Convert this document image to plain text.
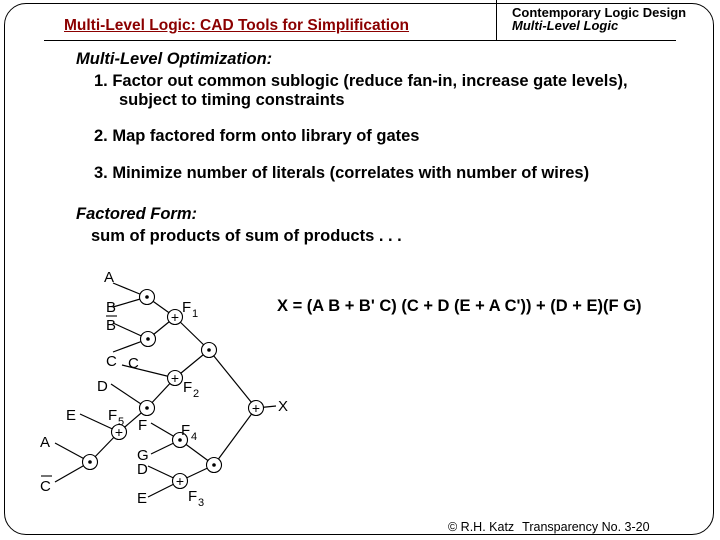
Multi-Level Logic: CAD Tools for Simplification
Contemporary Logic Design
Multi-Level Logic
Multi-Level Optimization:
1. Factor out common sublogic (reduce fan-in, increase gate levels),
subject to timing constraints
2. Map factored form onto library of gates
3. Minimize number of literals (correlates with number of wires)
Factored Form:
sum of products of sum of products . . .
X = (A B + B' C) (C + D (E + A C')) + (D + E)(F G)
+
+
+
+
+
A
B
B
C C
D
E
A
C
F
G
D
E
F 1
F 2
F 5	F 4
F 3
X
© R.H. Katz Transparency No. 3-20
